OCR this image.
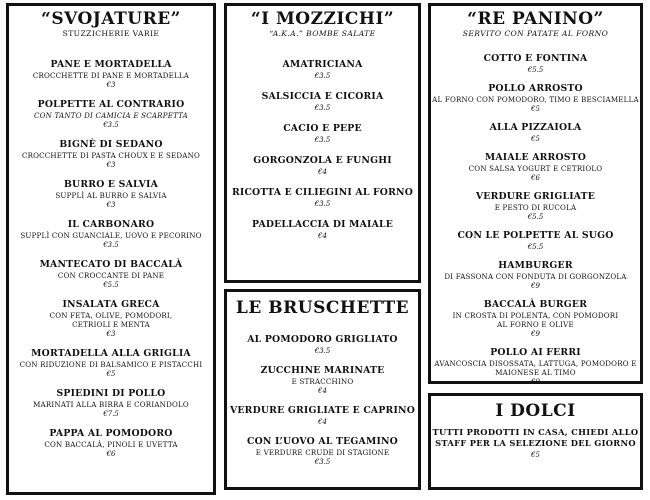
“SVOJATURE”
STUZZICHERIE VARIE
PANE E MORTADELLA
CROCCHETTE DI PANE E MORTADELLA
€3
POLPETTE AL CONTRARIO
CON TANTO DI CAMICIA E SCARPETTA
€3.5
BIGNÈ DI SEDANO
CROCCHETTE DI PASTA CHOUX E E SEDANO
€3
BURRO E SALVIA
SUPPLÌ AL BURRO E SALVIA
€3
IL CARBONARO
SUPPLÌ CON GUANCIALE, UOVO E PECORINO
€3.5
MANTECATO DI BACCALÀ
CON CROCCANTE DI PANE
€5.5
INSALATA GRECA
CON FETA, OLIVE, POMODORI,
CETRIOLI E MENTA
€3
MORTADELLA ALLA GRIGLIA
CON RIDUZIONE DI BALSAMICO E PISTACCHI
€5
SPIEDINI DI POLLO
MARINATI ALLA BIRRA E CORIANDOLO
€7.5
PAPPA AL POMODORO
CON BACCALÀ, PINOLI E UVETTA
€6
“I MOZZICHI”
“A.K.A.” BOMBE SALATE
AMATRICIANA
€3.5
SALSICCIA E CICORIA
€3.5
CACIO E PEPE
€3.5
GORGONZOLA E FUNGHI
€4
RICOTTA E CILIEGINI AL FORNO
€3.5
PADELLACCIA DI MAIALE
€4
LE BRUSCHETTE
AL POMODORO GRIGLIATO
€3.5
ZUCCHINE MARINATE
E STRACCHINO
€4
VERDURE GRIGLIATE E CAPRINO
€4
CON L’UOVO AL TEGAMINO
E VERDURE CRUDE DI STAGIONE
€3.5
“RE PANINO”
SERVITO CON PATATE AL FORNO
COTTO E FONTINA
€5.5
POLLO ARROSTO
AL FORNO CON POMODORO, TIMO E BESCIAMELLA
€5
ALLA PIZZAIOLA
€5
MAIALE ARROSTO
CON SALSA YOGURT E CETRIOLO
€6
VERDURE GRIGLIATE
E PESTO DI RUCOLA
€5.5
CON LE POLPETTE AL SUGO
€5.5
HAMBURGER
DI FASSONA CON FONDUTA DI GORGONZOLA
€9
BACCALÀ BURGER
IN CROSTA DI POLENTA, CON POMODORI
AL FORNO E OLIVE
€9
POLLO AI FERRI
AVANCOSCIA DISOSSATA, LATTUGA, POMODORO E
MAIONESE AL TIMO
€9
I DOLCI
TUTTI PRODOTTI IN CASA, CHIEDI ALLO
STAFF PER LA SELEZIONE DEL GIORNO
€5
